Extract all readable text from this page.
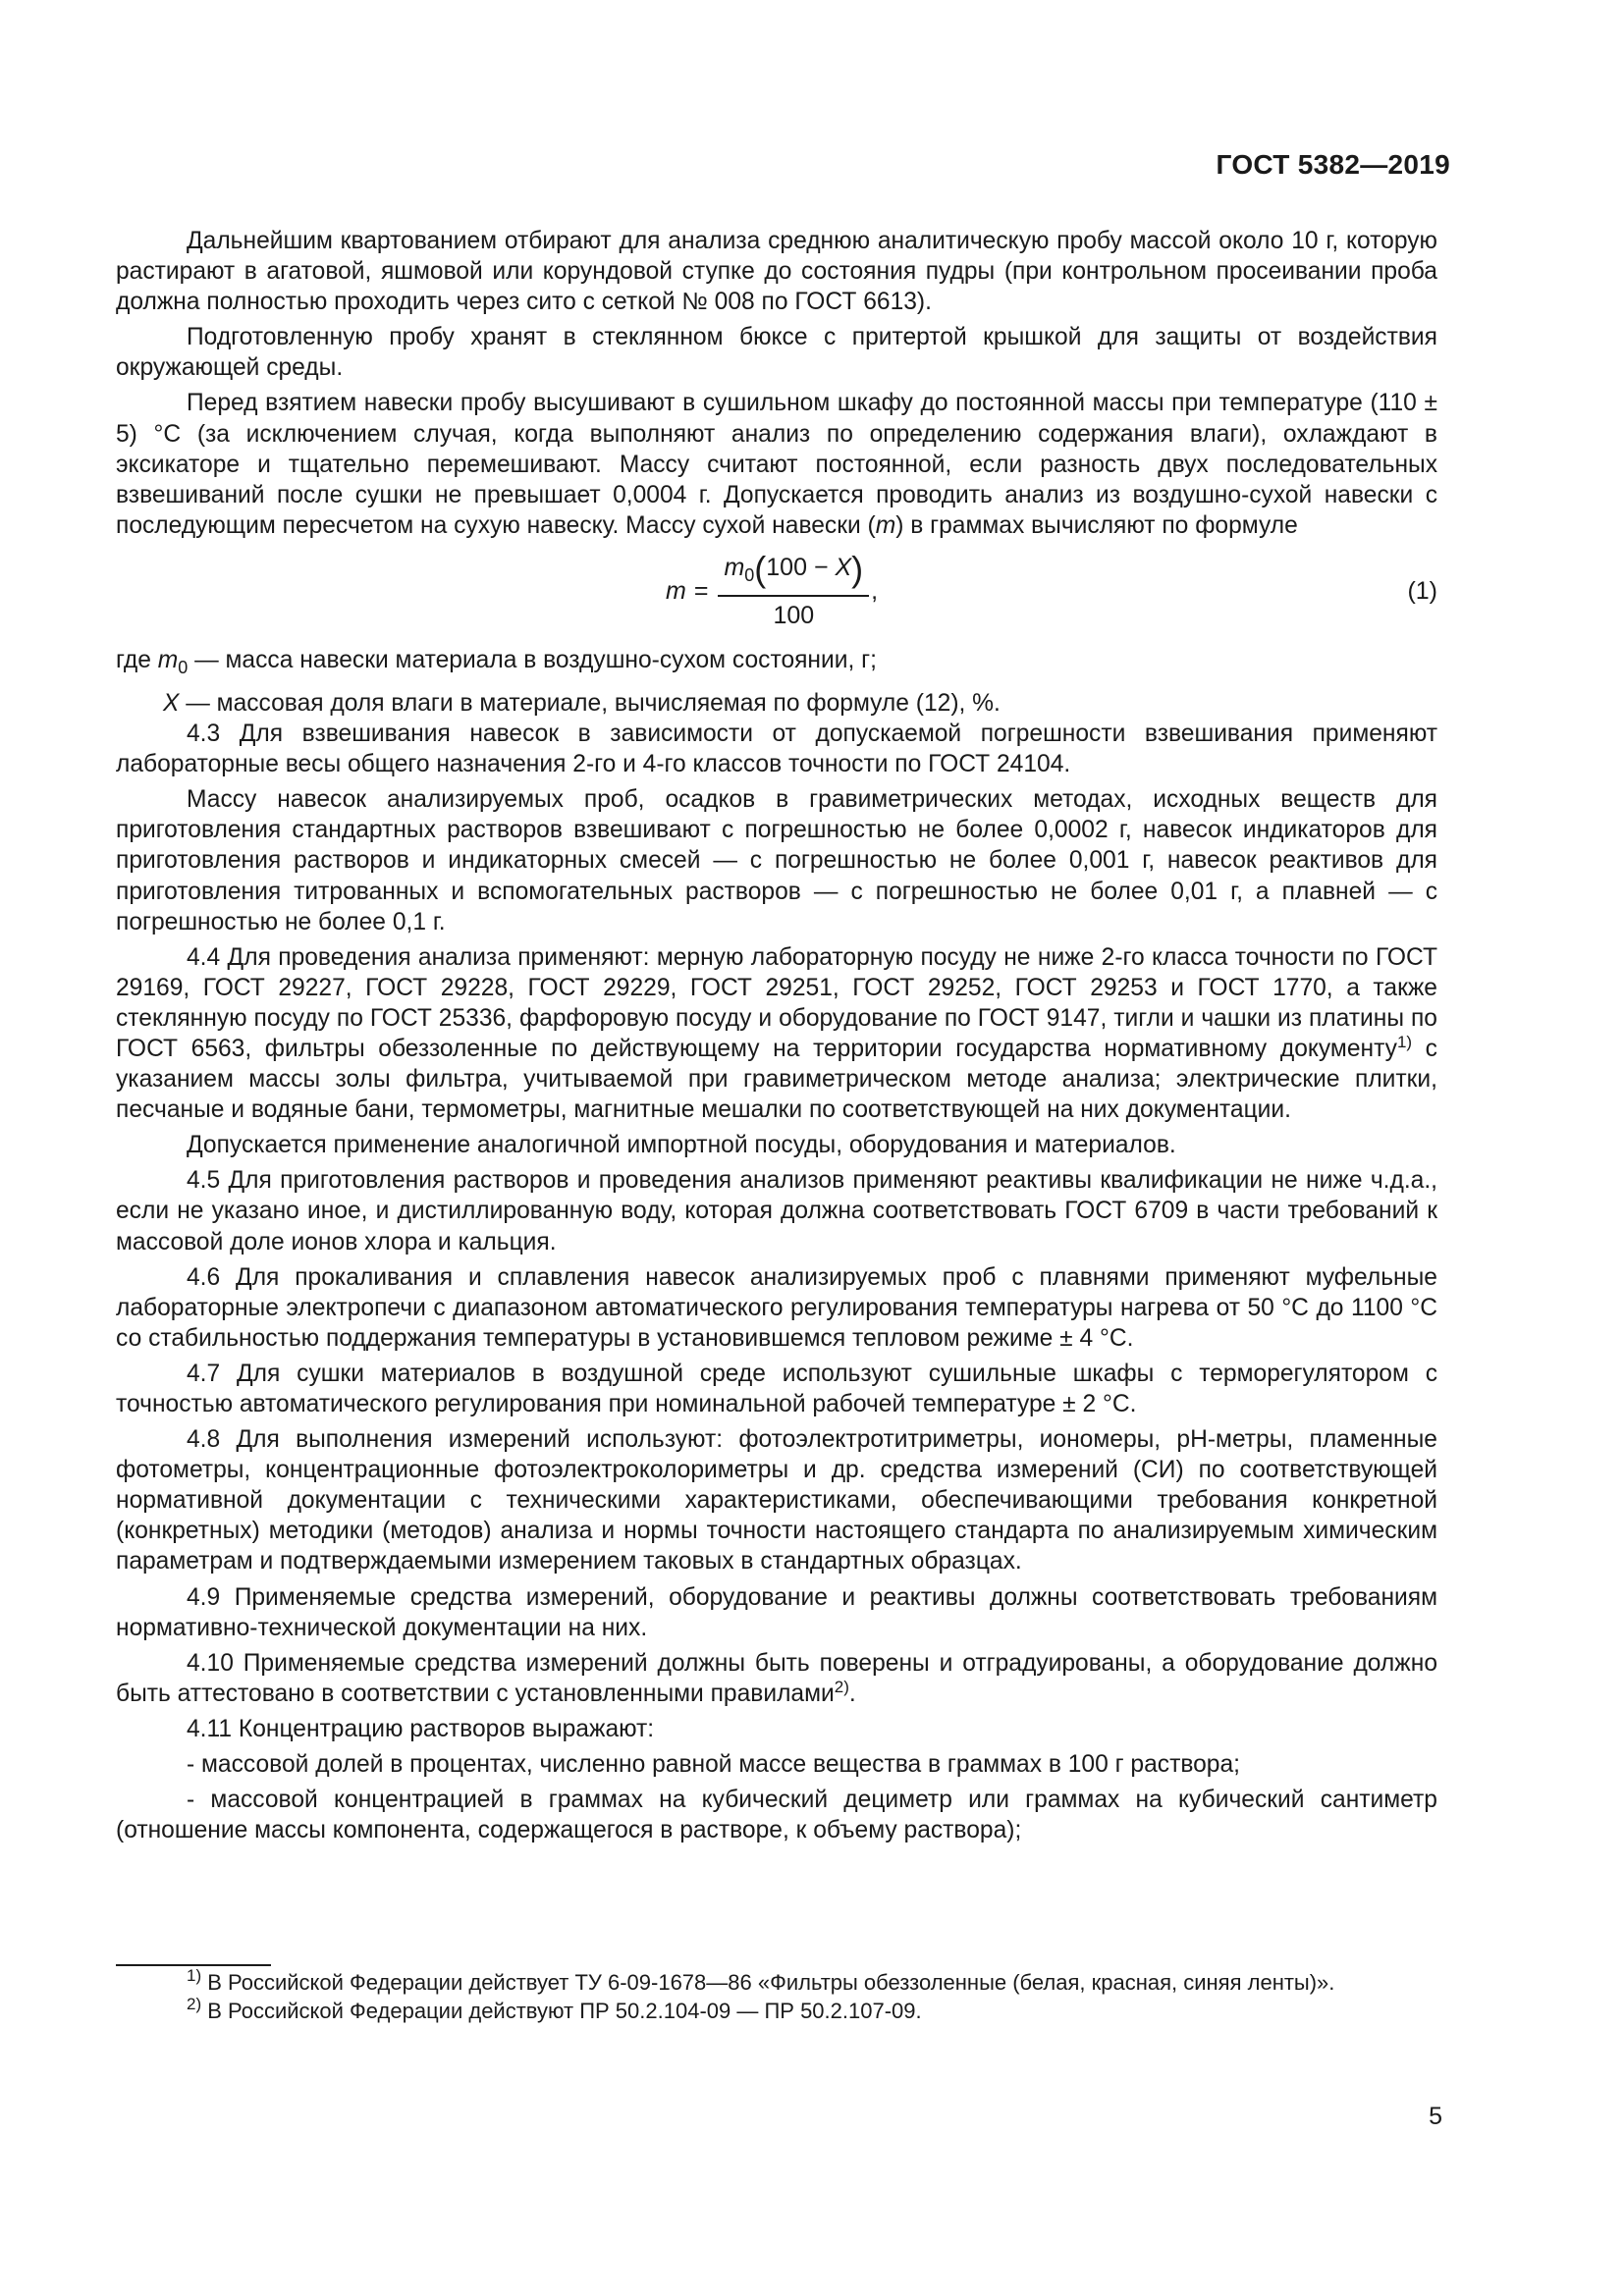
ГОСТ 5382—2019

Дальнейшим квартованием отбирают для анализа среднюю аналитическую пробу массой около 10 г, которую растирают в агатовой, яшмовой или корундовой ступке до состояния пудры (при контрольном просеивании проба должна полностью проходить через сито с сеткой № 008 по ГОСТ 6613).

Подготовленную пробу хранят в стеклянном бюксе с притертой крышкой для защиты от воздействия окружающей среды.

Перед взятием навески пробу высушивают в сушильном шкафу до постоянной массы при температуре (110 ± 5) °С (за исключением случая, когда выполняют анализ по определению содержания влаги), охлаждают в эксикаторе и тщательно перемешивают. Массу считают постоянной, если разность двух последовательных взвешиваний после сушки не превышает 0,0004 г. Допускается проводить анализ из воздушно-сухой навески с последующим пересчетом на сухую навеску. Массу сухой навески (m) в граммах вычисляют по формуле

$m = \frac{m_0(100 - X)}{100}$ ,	(1)

где $m_0$ — масса навески материала в воздушно-сухом состоянии, г;

X — массовая доля влаги в материале, вычисляемая по формуле (12), %.

4.3 Для взвешивания навесок в зависимости от допускаемой погрешности взвешивания применяют лабораторные весы общего назначения 2-го и 4-го классов точности по ГОСТ 24104.

Массу навесок анализируемых проб, осадков в гравиметрических методах, исходных веществ для приготовления стандартных растворов взвешивают с погрешностью не более 0,0002 г, навесок индикаторов для приготовления растворов и индикаторных смесей — с погрешностью не более 0,001 г, навесок реактивов для приготовления титрованных и вспомогательных растворов — с погрешностью не более 0,01 г, а плавней — с погрешностью не более 0,1 г.

4.4 Для проведения анализа применяют: мерную лабораторную посуду не ниже 2-го класса точности по ГОСТ 29169, ГОСТ 29227, ГОСТ 29228, ГОСТ 29229, ГОСТ 29251, ГОСТ 29252, ГОСТ 29253 и ГОСТ 1770, а также стеклянную посуду по ГОСТ 25336, фарфоровую посуду и оборудование по ГОСТ 9147, тигли и чашки из платины по ГОСТ 6563, фильтры обеззоленные по действующему на территории государства нормативному документу$^{1)}$ с указанием массы золы фильтра, учитываемой при гравиметрическом методе анализа; электрические плитки, песчаные и водяные бани, термометры, магнитные мешалки по соответствующей на них документации.

Допускается применение аналогичной импортной посуды, оборудования и материалов.

4.5 Для приготовления растворов и проведения анализов применяют реактивы квалификации не ниже ч.д.а., если не указано иное, и дистиллированную воду, которая должна соответствовать ГОСТ 6709 в части требований к массовой доле ионов хлора и кальция.

4.6 Для прокаливания и сплавления навесок анализируемых проб с плавнями применяют муфельные лабораторные электропечи с диапазоном автоматического регулирования температуры нагрева от 50 °С до 1100 °С со стабильностью поддержания температуры в установившемся тепловом режиме ± 4 °С.

4.7 Для сушки материалов в воздушной среде используют сушильные шкафы с терморегулятором с точностью автоматического регулирования при номинальной рабочей температуре ± 2 °С.

4.8 Для выполнения измерений используют: фотоэлектротитриметры, иономеры, рН-метры, пламенные фотометры, концентрационные фотоэлектроколориметры и др. средства измерений (СИ) по соответствующей нормативной документации с техническими характеристиками, обеспечивающими требования конкретной (конкретных) методики (методов) анализа и нормы точности настоящего стандарта по анализируемым химическим параметрам и подтверждаемыми измерением таковых в стандартных образцах.

4.9 Применяемые средства измерений, оборудование и реактивы должны соответствовать требованиям нормативно-технической документации на них.

4.10 Применяемые средства измерений должны быть поверены и отградуированы, а оборудование должно быть аттестовано в соответствии с установленными правилами$^{2)}$.

4.11 Концентрацию растворов выражают:

- массовой долей в процентах, численно равной массе вещества в граммах в 100 г раствора;

- массовой концентрацией в граммах на кубический дециметр или граммах на кубический сантиметр (отношение массы компонента, содержащегося в растворе, к объему раствора);

$^{1)}$ В Российской Федерации действует ТУ 6-09-1678—86 «Фильтры обеззоленные (белая, красная, синяя ленты)».

$^{2)}$ В Российской Федерации действуют ПР 50.2.104-09 — ПР 50.2.107-09.

5
